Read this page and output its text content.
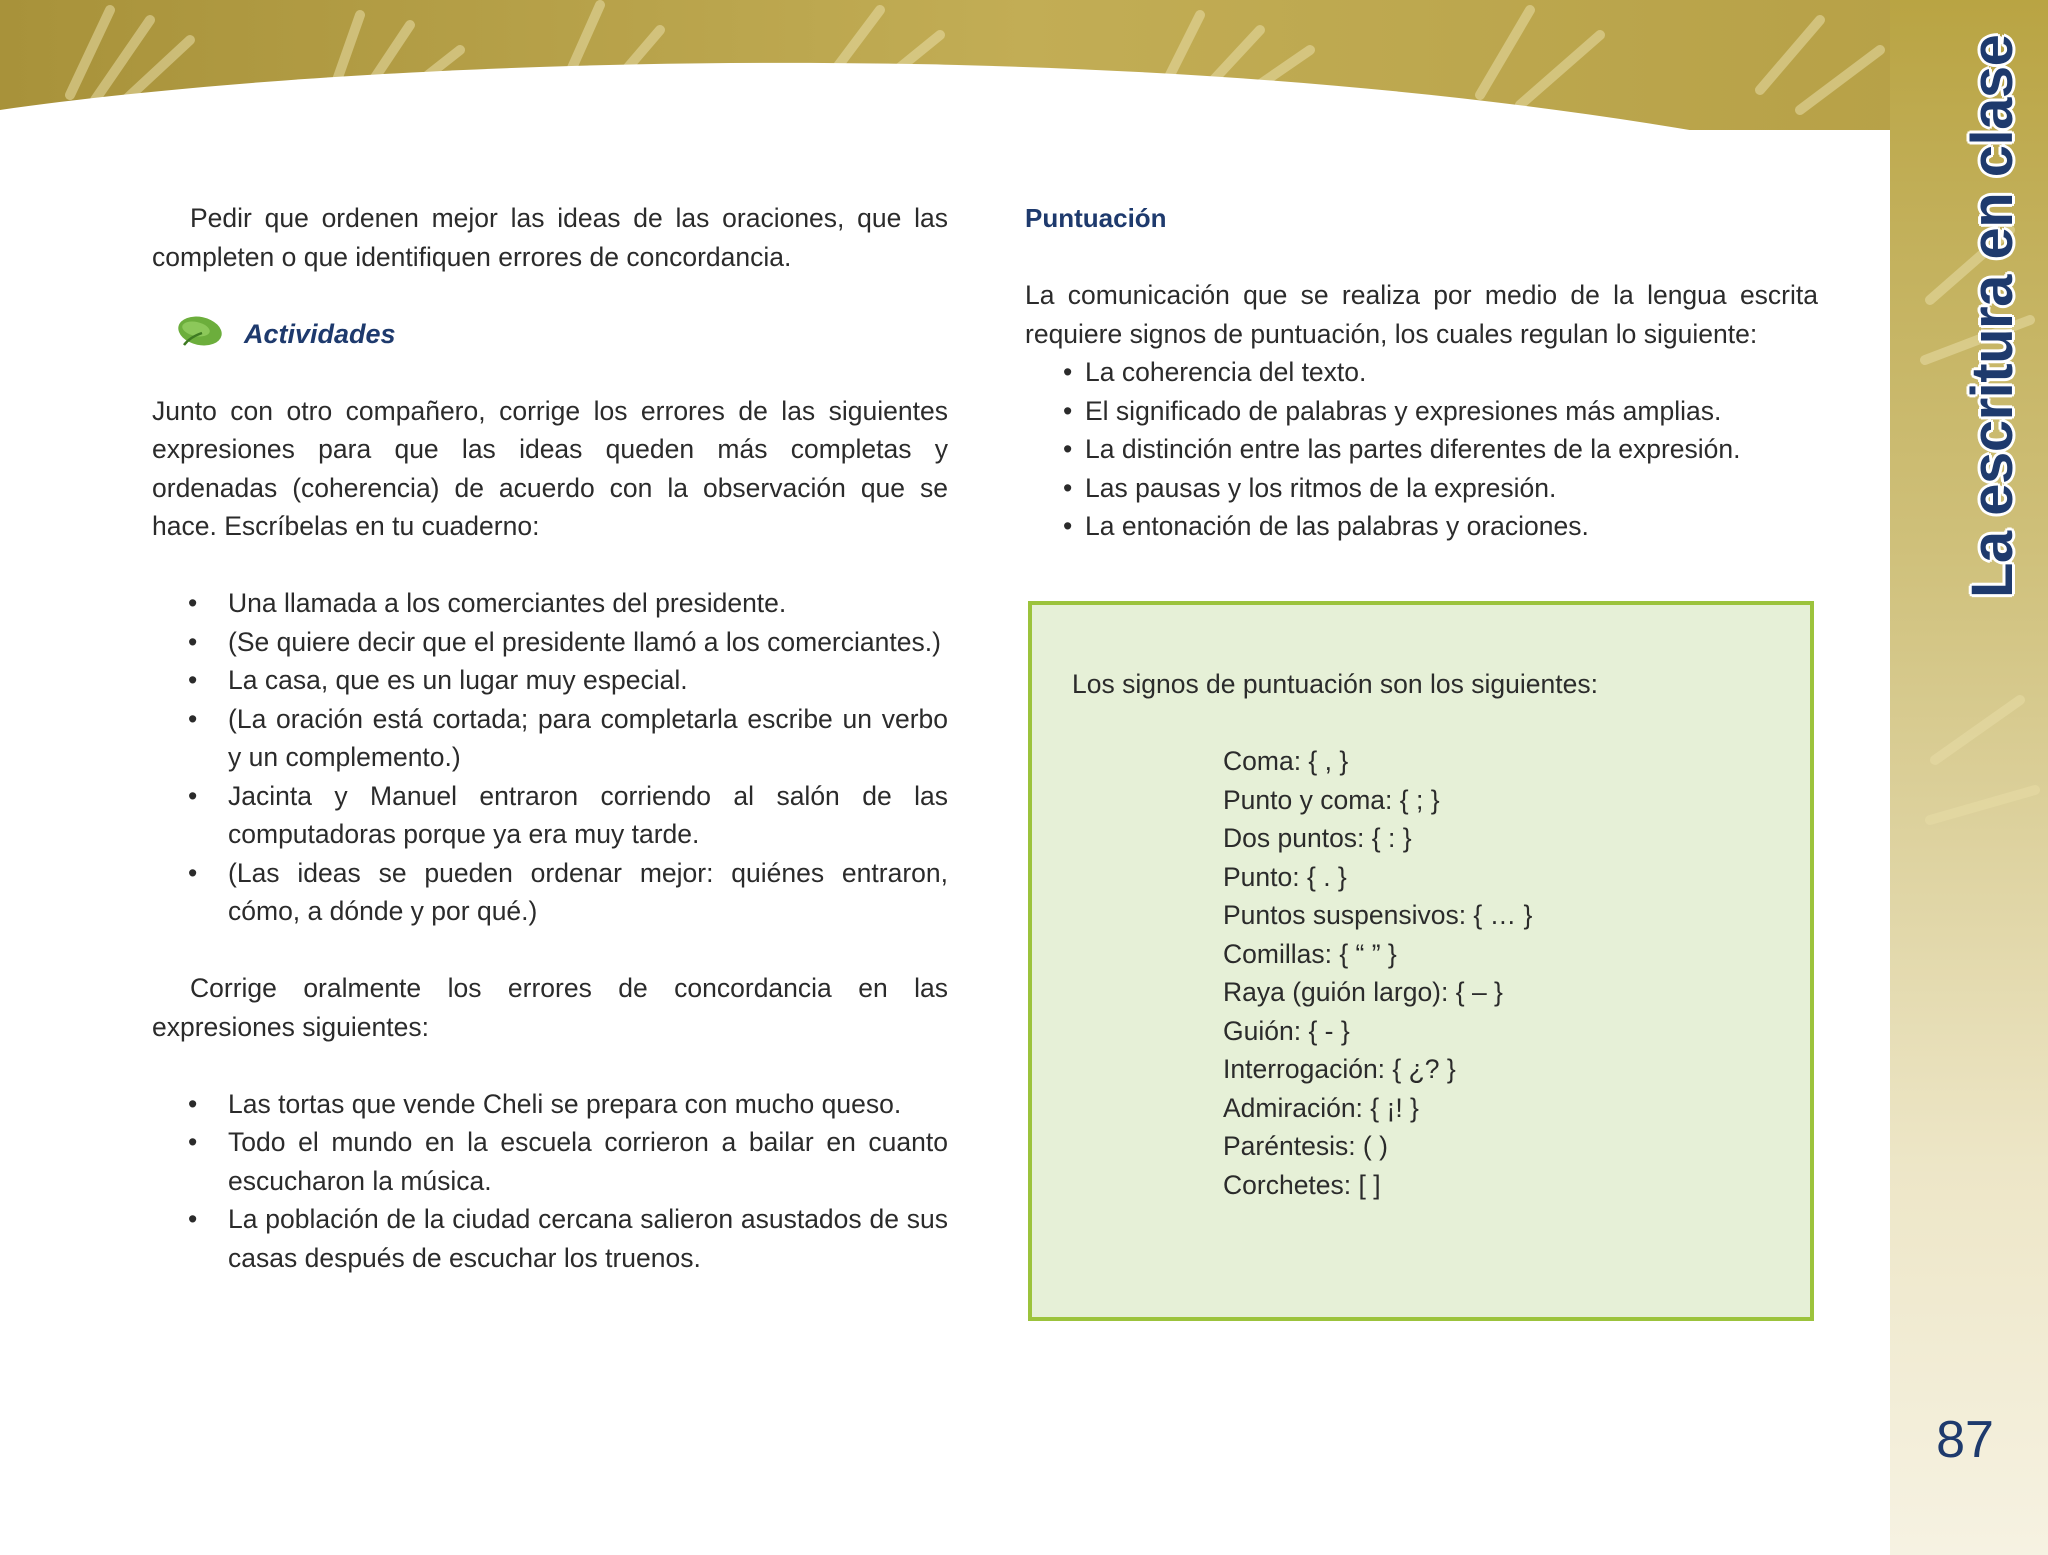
Pedir que ordenen mejor las ideas de las oraciones, que las completen o que identifiquen errores de concordancia.

Actividades

Junto con otro compañero, corrige los errores de las siguientes expresiones para que las ideas queden más completas y ordenadas (coherencia) de acuerdo con la observación que se hace. Escríbelas en tu cuaderno:

• Una llamada a los comerciantes del presidente.
• (Se quiere decir que el presidente llamó a los comerciantes.)
• La casa, que es un lugar muy especial.
• (La oración está cortada; para completarla escribe un verbo y un complemento.)
• Jacinta y Manuel entraron corriendo al salón de las computadoras porque ya era muy tarde.
• (Las ideas se pueden ordenar mejor: quiénes entraron, cómo, a dónde y por qué.)

Corrige oralmente los errores de concordancia en las expresiones siguientes:

• Las tortas que vende Cheli se prepara con mucho queso.
• Todo el mundo en la escuela corrieron a bailar en cuanto escucharon la música.
• La población de la ciudad cercana salieron asustados de sus casas después de escuchar los truenos.
Puntuación

La comunicación que se realiza por medio de la lengua escrita requiere signos de puntuación, los cuales regulan lo siguiente:

• La coherencia del texto.
• El significado de palabras y expresiones más amplias.
• La distinción entre las partes diferentes de la expresión.
• Las pausas y los ritmos de la expresión.
• La entonación de las palabras y oraciones.
Los signos de puntuación son los siguientes:
Coma: { , }
Punto y coma: { ; }
Dos puntos: { : }
Punto: { . }
Puntos suspensivos: { … }
Comillas: { “ ” }
Raya (guión largo): { – }
Guión: { - }
Interrogación: { ¿? }
Admiración: { ¡! }
Paréntesis: ( )
Corchetes: [ ]
La escritura en clase
87
